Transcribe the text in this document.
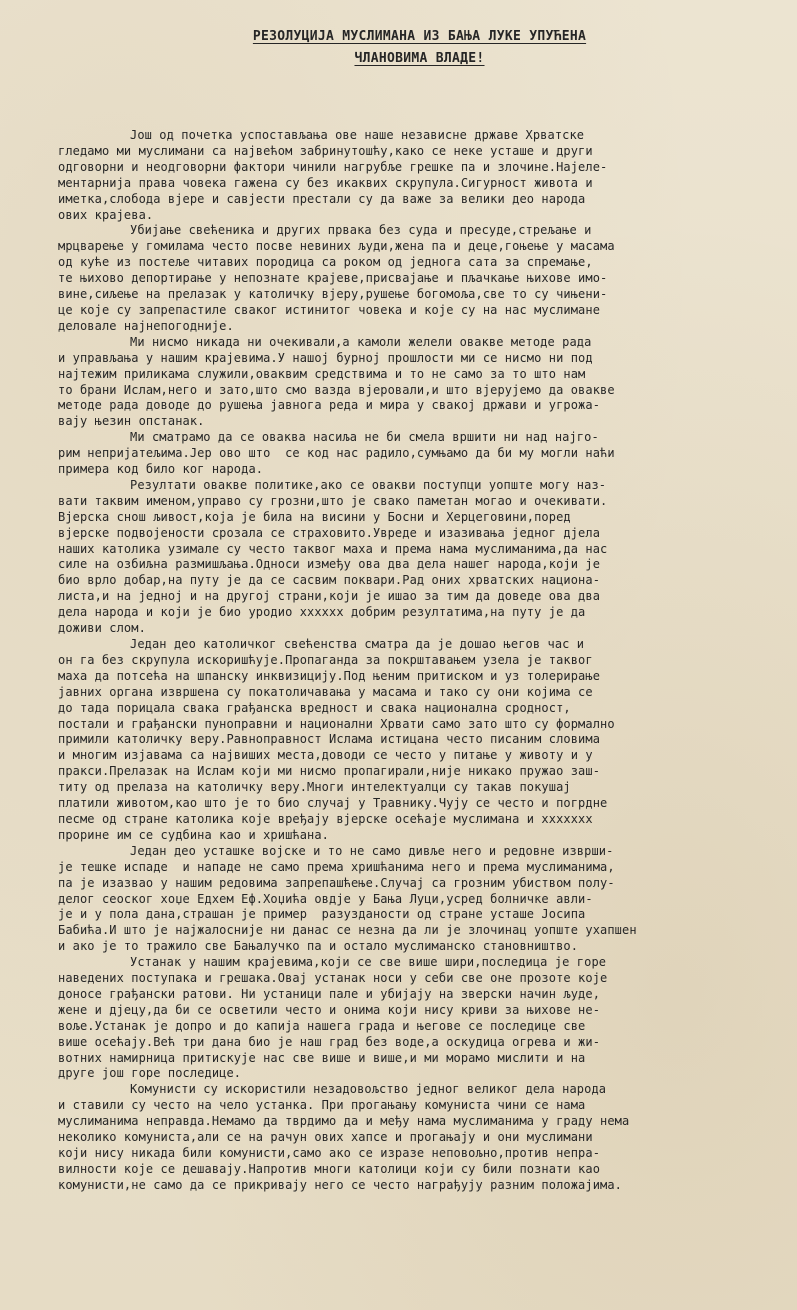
РЕЗОЛУЦИЈА МУСЛИМАНА ИЗ БАЊА ЛУКЕ УПУЋЕНА
ЧЛАНОВИМА ВЛАДЕ!
Још од почетка успостављања ове наше независне државе Хрватске
гледамо ми муслимани са највећом забринутошћу,како се неке усташе и други
одговорни и неодговорни фактори чинили нагрубље грешке па и злочине.Најеле-
ментарнија права човека гажена су без икаквих скрупула.Сигурност живота и
иметка,слобода вјере и савјести престали су да важе за велики део народа
ових крајева.
Убијање свећеника и других првака без суда и пресуде,стрељање и
мрцварење у гомилама често посве невиних људи,жена па и деце,гоњење у масама
од куће из постеље читавих породица са роком од једнога сата за спремање,
те њихово депортирање у непознате крајеве,присвајање и пљачкање њихове имо-
вине,сиљење на прелазак у католичку вјеру,рушење богомоља,све то су чињени-
це које су запрепастиле сваког истинитог човека и које су на нас муслимане
деловале најнепогодније.
Ми нисмо никада ни очекивали,а камоли желели овакве методе рада
и управљања у нашим крајевима.У нашој бурној прошлости ми се нисмо ни под
најтежим приликама служили,оваквим средствима и то не само за то што нам
то брани Ислам,него и зато,што смо вазда вјеровали,и што вјерујемо да овакве
методе рада доводе до рушења јавнога реда и мира у свакој држави и угрожа-
вају њезин опстанак.
Ми сматрамо да се оваква насиља не би смела вршити ни над најго-
рим непријатељима.Јер ово што  се код нас радило,сумњамо да би му могли наћи
примера код било ког народа.
Резултати овакве политике,ако се овакви поступци уопште могу наз-
вати таквим именом,управо су грозни,што је свако паметан могао и очекивати.
Вјерска снош љивост,која је била на висини у Босни и Херцеговини,поред
вјерске подвојености срозала се страховито.Увреде и изазивања једног дјела
наших католика узимале су често таквог маха и према нама муслиманима,да нас
силе на озбиљна размишљања.Односи између ова два дела нашег народа,који је
био врло добар,на путу је да се сасвим поквари.Рад оних хрватских национа-
листа,и на једној и на другој страни,који је ишао за тим да доведе ова два
дела народа и који је био уродио xxxxxx добрим резултатима,на путу је да
доживи слом.
Један део католичког свећенства сматра да је дошао његов час и
он га без скрупула искоришћује.Пропаганда за покрштавањем узела је таквог
маха да потсећа на шпанску инквизицију.Под њеним притиском и уз толерирање
јавних органа извршена су покатоличавања у масама и тако су они којима се
до тада порицала свака грађанска вредност и свака национална сродност,
постали и грађански пуноправни и национални Хрвати само зато што су формално
примили католичку веру.Равноправност Ислама истицана често писаним словима
и многим изјавама са највиших места,доводи се често у питање у животу и у
пракси.Прелазак на Ислам који ми нисмо пропагирали,није никако пружао заш-
титу од прелаза на католичку веру.Многи интелектуалци су такав покушај
платили животом,као што је то био случај у Травнику.Чују се често и погрдне
песме од стране католика које вређају вјерске осећаје муслимана и xxxxxxx
прорине им се судбина као и хришћана.
Један део усташке војске и то не само дивље него и редовне изврши-
је тешке испаде  и нападе не само према хришћанима него и према муслиманима,
па је изазвао у нашим редовима запрепашћење.Случај са грозним убиством полу-
делог сеоског хоџе Едхем Еф.Хоџића овдје у Бања Луци,усред болничке авли-
је и у пола дана,страшан је пример  разузданости од стране усташе Јосипа
Бабића.И што је најжалосније ни данас се незна да ли је злочинац уопште ухапшен
и ако је то тражило све Бањалучко па и остало муслиманско становништво.
Устанак у нашим крајевима,који се све више шири,последица је горе
наведених поступака и грешака.Овај устанак носи у себи све оне прозоте које
доносе грађански ратови. Ни устаници пале и убијају на зверски начин људе,
жене и дјецу,да би се осветили често и онима који нису криви за њихове не-
воље.Устанак је допро и до капија нашега града и његове се последице све
више осећају.Већ три дана био је наш град без воде,а оскудица огрева и жи-
вотних намирница притискује нас све више и више,и ми морамо мислити и на
друге још горе последице.
Комунисти су искористили незадовољство једног великог дела народа
и ставили су често на чело устанка. При прогањању комуниста чини се нама
муслиманима неправда.Немамо да тврдимо да и међу нама муслиманима у граду нема
неколико комуниста,али се на рачун ових хапсе и прогањају и они муслимани
који нису никада били комунисти,само ако се изразе неповољно,против непра-
вилности које се дешавају.Напротив многи католици који су били познати као
комунисти,не само да се прикривају него се често награђују разним положајима.
